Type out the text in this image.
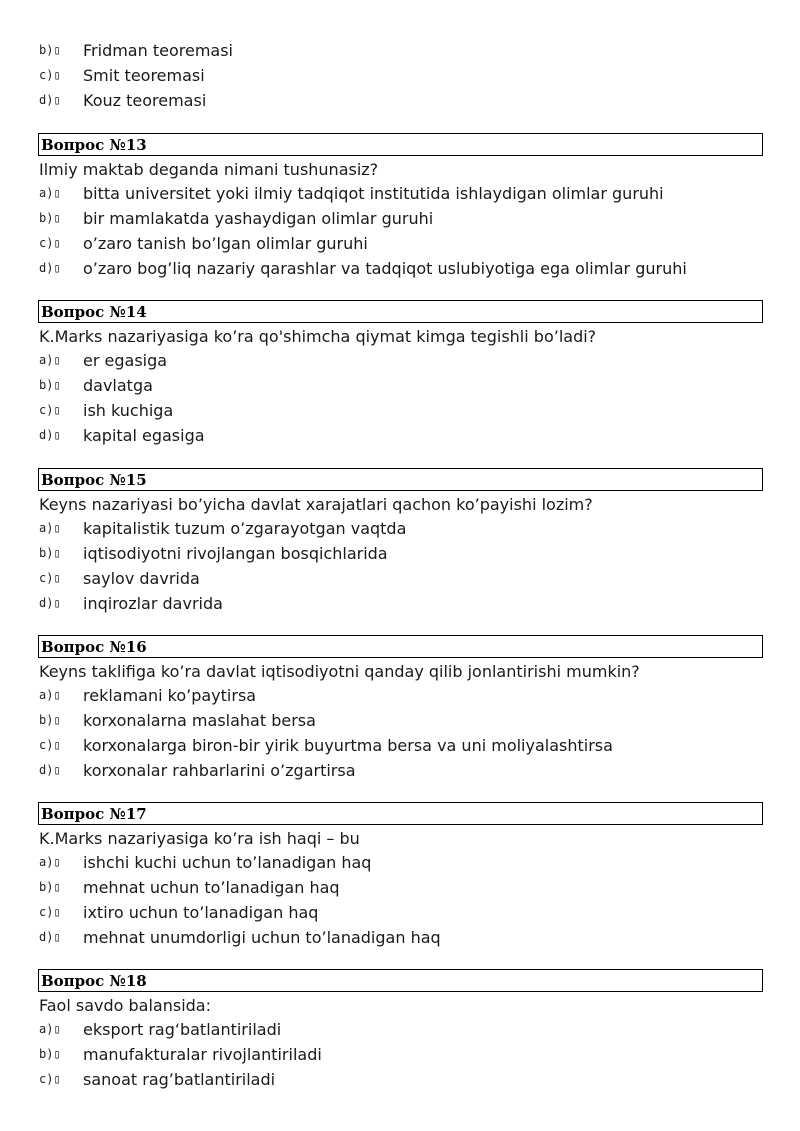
b)▯	Fridman teoremasi
c)▯	Smit teoremasi
d)▯	Kouz teoremasi
Вопрос №13
Ilmiy maktab deganda nimani tushunasiz?
a)▯	bitta universitet yoki ilmiy tadqiqot institutida ishlaydigan olimlar guruhi
b)▯	bir mamlakatda yashaydigan olimlar guruhi
c)▯	o’zaro tanish bo’lgan olimlar guruhi
d)▯	o’zaro bog’liq nazariy qarashlar va tadqiqot uslubiyotiga ega olimlar guruhi
Вопрос №14
K.Marks nazariyasiga ko’ra qo'shimcha qiymat kimga tegishli bo’ladi?
a)▯	er egasiga
b)▯	davlatga
c)▯	ish kuchiga
d)▯	kapital egasiga
Вопрос №15
Keyns nazariyasi bo’yicha davlat xarajatlari qachon ko’payishi lozim?
a)▯	kapitalistik tuzum o’zgarayotgan vaqtda
b)▯	iqtisodiyotni rivojlangan bosqichlarida
c)▯	saylov davrida
d)▯	inqirozlar davrida
Вопрос №16
Keyns taklifiga ko’ra davlat iqtisodiyotni qanday qilib jonlantirishi mumkin?
a)▯	reklamani ko’paytirsa
b)▯	korxonalarna maslahat bersa
c)▯	korxonalarga biron-bir yirik buyurtma bersa va uni moliyalashtirsa
d)▯	korxonalar rahbarlarini o’zgartirsa
Вопрос №17
K.Marks nazariyasiga ko’ra ish haqi – bu
a)▯	ishchi kuchi uchun to’lanadigan haq
b)▯	mehnat uchun to’lanadigan haq
c)▯	ixtiro uchun to’lanadigan haq
d)▯	mehnat unumdorligi uchun to’lanadigan haq
Вопрос №18
Faol savdo balansida:
a)▯	eksport rag‘batlantiriladi
b)▯	manufakturalar rivojlantiriladi
c)▯	sanoat rag’batlantiriladi
